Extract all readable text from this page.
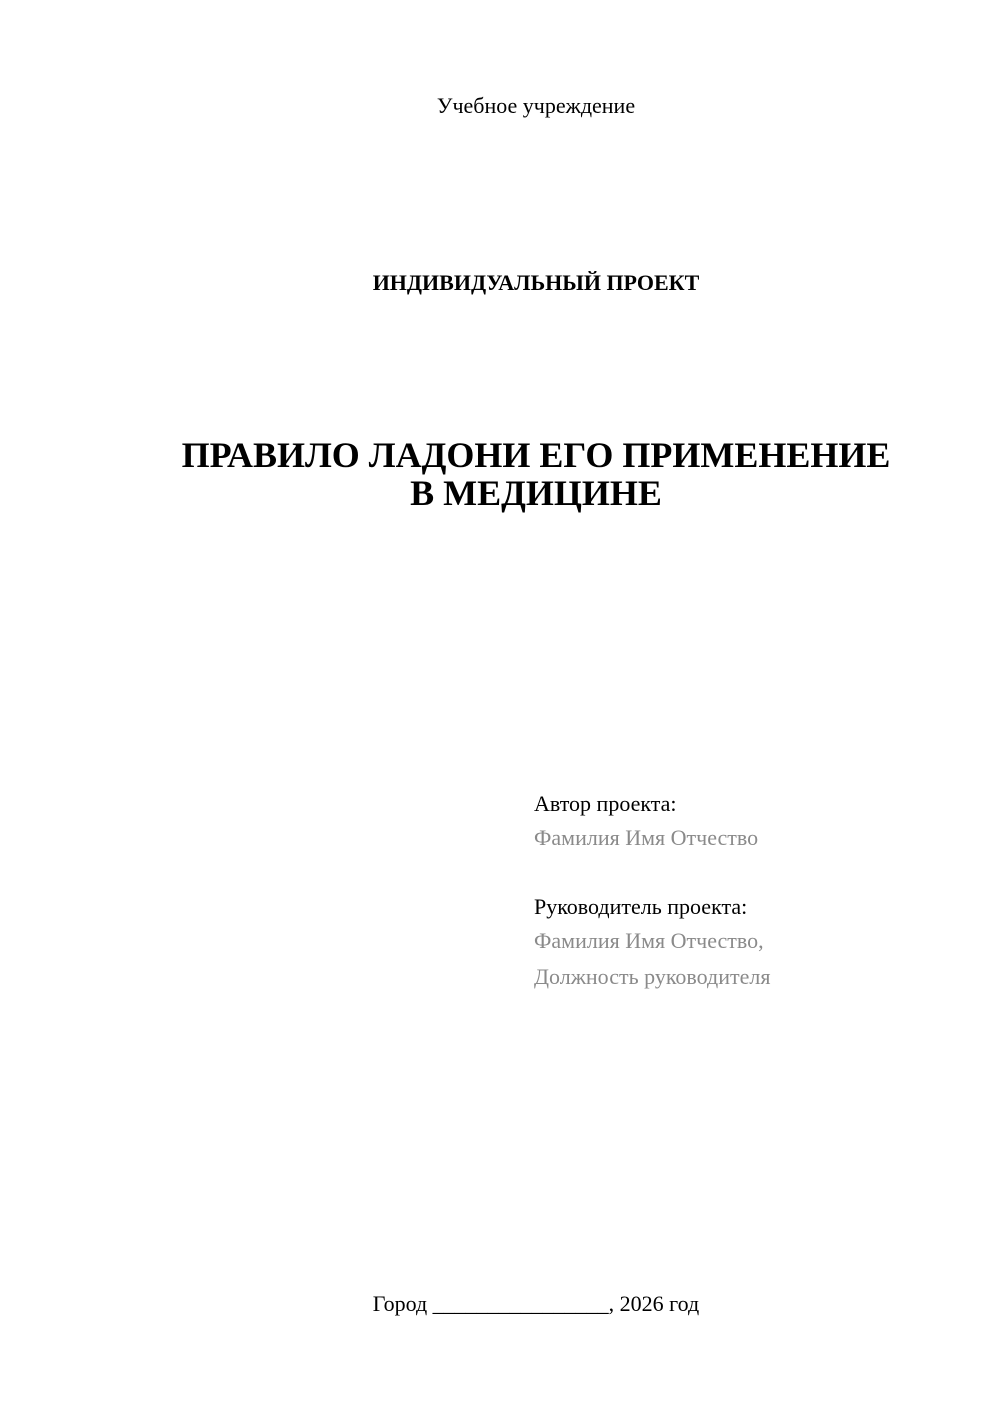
Учебное учреждение
ИНДИВИДУАЛЬНЫЙ ПРОЕКТ
ПРАВИЛО ЛАДОНИ ЕГО ПРИМЕНЕНИЕ
В МЕДИЦИНЕ
Автор проекта:
Фамилия Имя Отчество
Руководитель проекта:
Фамилия Имя Отчество,
Должность руководителя
Город ________________, 2026 год
